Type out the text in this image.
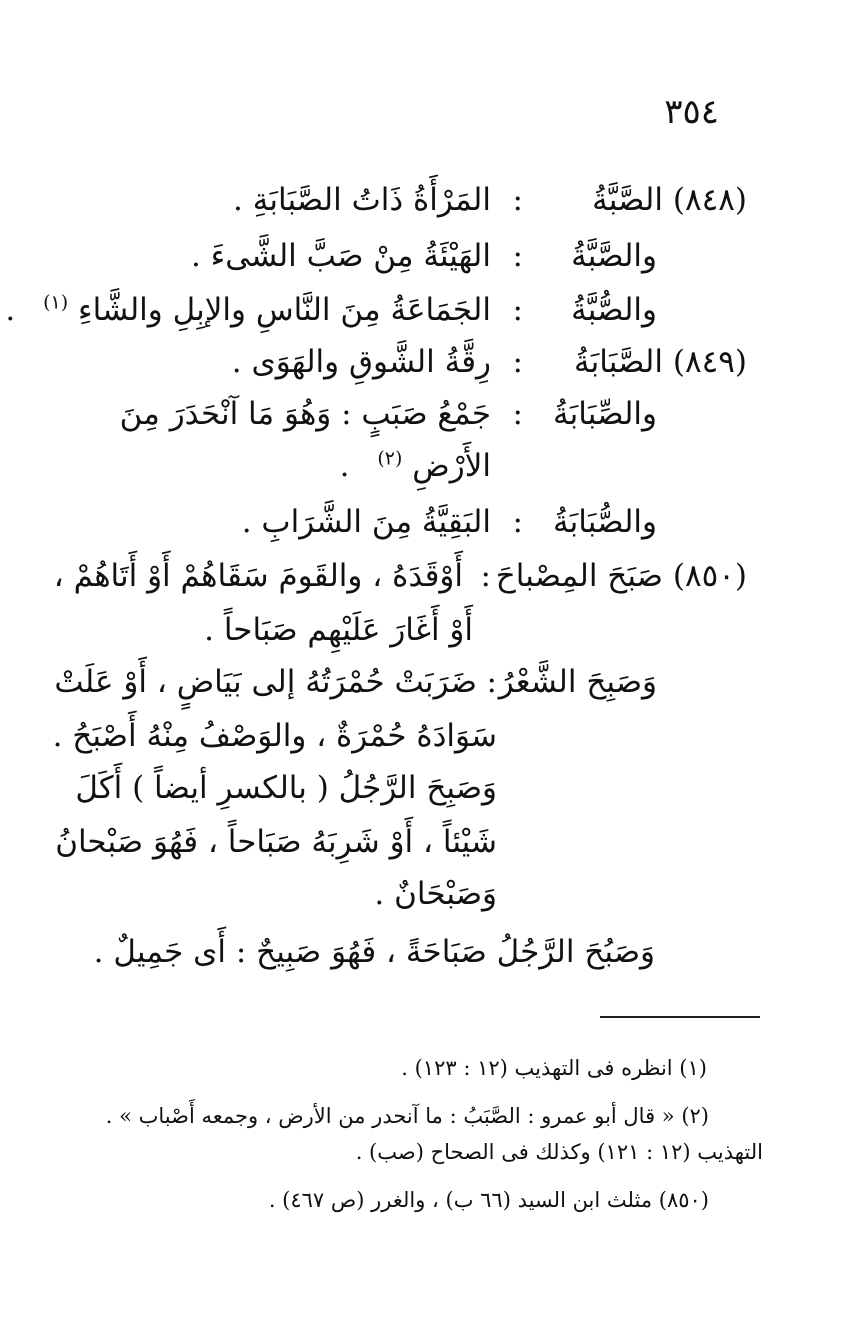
٣٥٤
(٨٤٨)
الصَّبَّةُ
:
المَرْأَةُ ذَاتُ الصَّبَابَةِ .
والصَّبَّةُ
:
الهَيْئَةُ مِنْ صَبَّ الشَّىءَ .
والصُّبَّةُ
:
الجَمَاعَةُ مِنَ النَّاسِ والإبِلِ والشَّاءِ $^{(١)}$ .
(٨٤٩)
الصَّبَابَةُ
:
رِقَّةُ الشَّوقِ والهَوَى .
والصِّبَابَةُ
:
جَمْعُ صَبَبٍ : وَهُوَ مَا آنْحَدَرَ مِنَ
الأَرْضِ $^{(٢)}$ .
والصُّبَابَةُ
:
البَقِيَّةُ مِنَ الشَّرَابِ .
(٨٥٠)
صَبَحَ المِصْباحَ
:
أَوْقَدَهُ ، والقَومَ سَقَاهُمْ أَوْ أَتَاهُمْ ،
أَوْ أَغَارَ عَلَيْهِم صَبَاحاً .
وَصَبِحَ الشَّعْرُ
:
ضَرَبَتْ حُمْرَتُهُ إلى بَيَاضٍ ، أَوْ عَلَتْ
سَوَادَهُ حُمْرَةٌ ، والوَصْفُ مِنْهُ أَصْبَحُ .
وَصَبِحَ الرَّجُلُ ( بالكسرِ أيضاً ) أَكَلَ
شَيْئاً ، أَوْ شَرِبَهُ صَبَاحاً ، فَهُوَ صَبْحانُ
وَصَبْحَانٌ .
وَصَبُحَ الرَّجُلُ صَبَاحَةً ، فَهُوَ صَبِيحٌ : أَى جَمِيلٌ .
(١) انظره فى التهذيب (١٢ : ١٢٣) .
(٢) « قال أبو عمرو : الصَّبَبُ : ما آنحدر من الأرض ، وجمعه أَصْباب » .
التهذيب (١٢ : ١٢١) وكذلك فى الصحاح (صب) .
(٨٥٠) مثلث ابن السيد (٦٦ ب) ، والغرر (ص ٤٦٧) .
